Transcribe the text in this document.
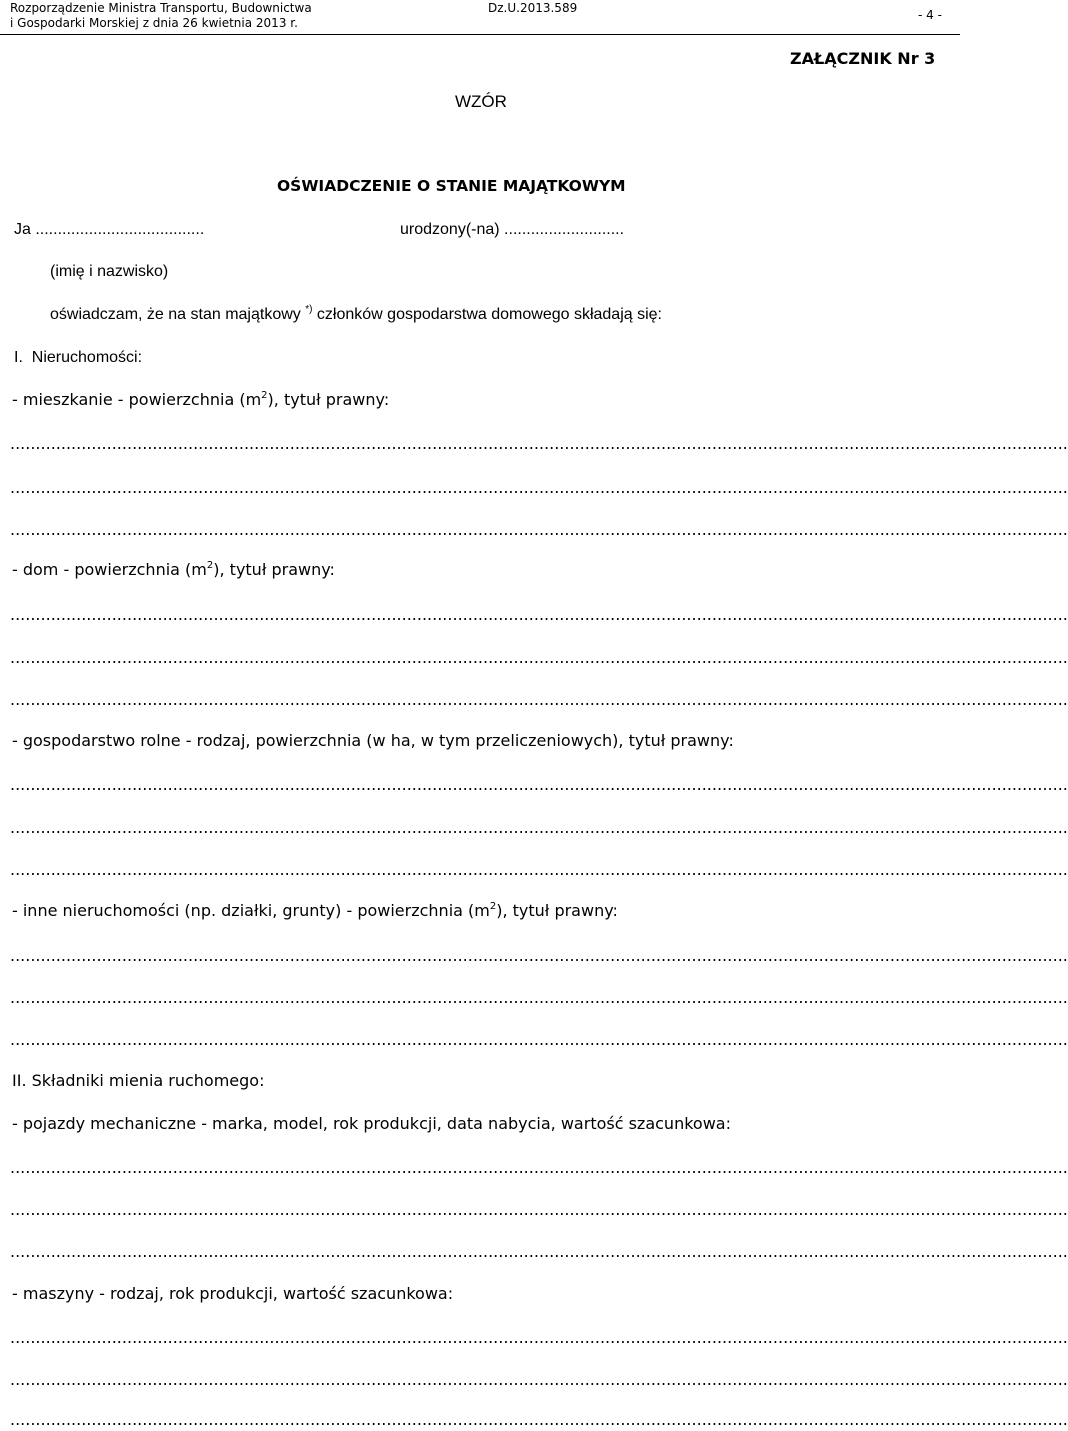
Rozporządzenie Ministra Transportu, Budownictwa
i Gospodarki Morskiej z dnia 26 kwietnia 2013 r.
Dz.U.2013.589	- 4 -
ZAŁĄCZNIK Nr 3
WZÓR
OŚWIADCZENIE O STANIE MAJĄTKOWYM
Ja ......................................	urodzony(-na) ...........................
(imię i nazwisko)
oświadczam, że na stan majątkowy *) członków gospodarstwa domowego składają się:
I. Nieruchomości:
- mieszkanie - powierzchnia $(m^2)$, tytuł prawny:
................................................................................................................................................................................................................
................................................................................................................................................................................................................
................................................................................................................................................................................................................
- dom - powierzchnia $(m^2)$, tytuł prawny:
................................................................................................................................................................................................................
................................................................................................................................................................................................................
................................................................................................................................................................................................................
- gospodarstwo rolne - rodzaj, powierzchnia (w ha, w tym przeliczeniowych), tytuł prawny:
................................................................................................................................................................................................................
................................................................................................................................................................................................................
................................................................................................................................................................................................................
- inne nieruchomości (np. działki, grunty) - powierzchnia $(m^2)$, tytuł prawny:
................................................................................................................................................................................................................
................................................................................................................................................................................................................
................................................................................................................................................................................................................
II. Składniki mienia ruchomego:
- pojazdy mechaniczne - marka, model, rok produkcji, data nabycia, wartość szacunkowa:
................................................................................................................................................................................................................
................................................................................................................................................................................................................
................................................................................................................................................................................................................
- maszyny - rodzaj, rok produkcji, wartość szacunkowa:
................................................................................................................................................................................................................
................................................................................................................................................................................................................
................................................................................................................................................................................................................
